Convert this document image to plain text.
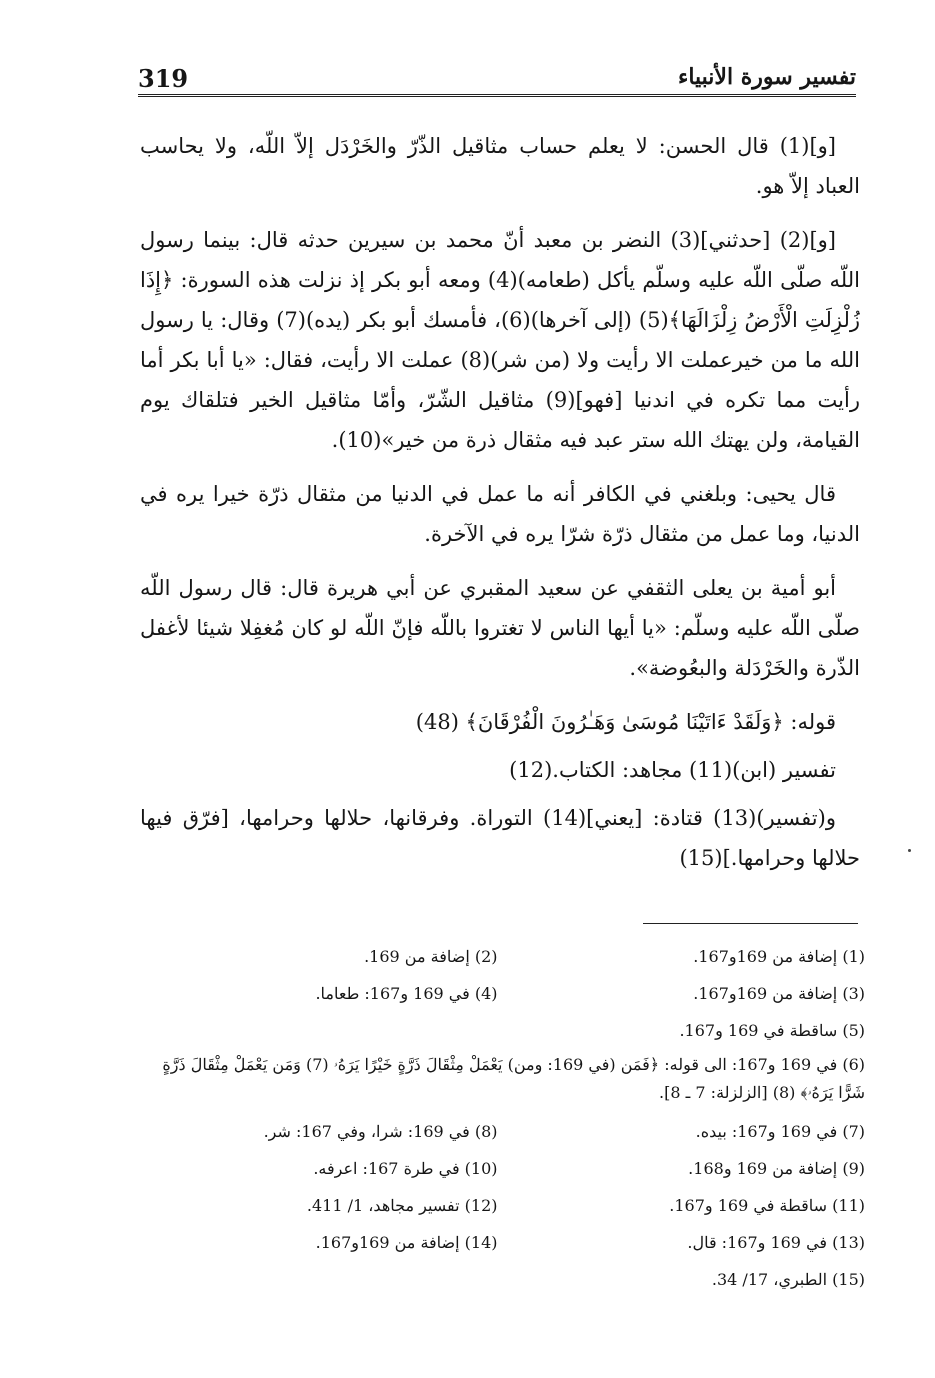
319	تفسير سورة الأنبياء

[و](1) قال الحسن: لا يعلم حساب مثاقيل الذّرّ والخَرْدَل إلاّ اللّه، ولا يحاسب العباد إلاّ هو.

[و](2) [حدثني](3) النضر بن معبد أنّ محمد بن سيرين حدثه قال: بينما رسول اللّه صلّى اللّه عليه وسلّم يأكل (طعامه)(4) ومعه أبو بكر إذ نزلت هذه السورة: ﴿إِذَا زُلْزِلَتِ الْأَرْضُ زِلْزَالَهَا﴾(5) (إلى آخرها)(6)، فأمسك أبو بكر (يده)(7) وقال: يا رسول الله ما من خيرعملت الا رأيت ولا (من شر)(8) عملت الا رأيت، فقال: «يا أبا بكر أما رأيت مما تكره في اندنيا [فهو](9) مثاقيل الشّرّ، وأمّا مثاقيل الخير فتلقاك يوم القيامة، ولن يهتك الله ستر عبد فيه مثقال ذرة من خير»(10).

قال يحيى: وبلغني في الكافر أنه ما عمل في الدنيا من مثقال ذرّة خيرا يره في الدنيا، وما عمل من مثقال ذرّة شرّا يره في الآخرة.

أبو أمية بن يعلى الثقفي عن سعيد المقبري عن أبي هريرة قال: قال رسول اللّه صلّى اللّه عليه وسلّم: «يا أيها الناس لا تغتروا باللّه فإنّ اللّه لو كان مُغفِلا شيئا لأغفل الذّرة والخَرْدَلة والبعُوضة».

قوله: ﴿وَلَقَدْ ءَاتَيْنَا مُوسَىٰ وَهَـٰرُونَ الْفُرْقَانَ﴾ (48)

تفسير (ابن)(11) مجاهد: الكتاب.(12)

و(تفسير)(13) قتادة: [يعني](14) التوراة. وفرقانها، حلالها وحرامها، [فرّق فيها حلالها وحرامها.](15)

(1) إضافة من 169و167.
(2) إضافة من 169.
(3) إضافة من 169و167.
(4) في 169 و167: طعاما.
(5) ساقطة في 169 و167.
(6) في 169 و167: الى قوله: ﴿فَمَن (في 169: ومن) يَعْمَلْ مِثْقَالَ ذَرَّةٍ خَيْرًا يَرَهُۥ (7) وَمَن يَعْمَلْ مِثْقَالَ ذَرَّةٍ شَرًّا يَرَهُۥ﴾ (8) [الزلزلة: 7 ـ 8].
(7) في 169 و167: بيده.
(8) في 169: شرا، وفي 167: شر.
(9) إضافة من 169 و168.
(10) في طرة 167: اعرفه.
(11) ساقطة في 169 و167.
(12) تفسير مجاهد، 1/ 411.
(13) في 169 و167: قال.
(14) إضافة من 169و167.
(15) الطبري، 17/ 34.
